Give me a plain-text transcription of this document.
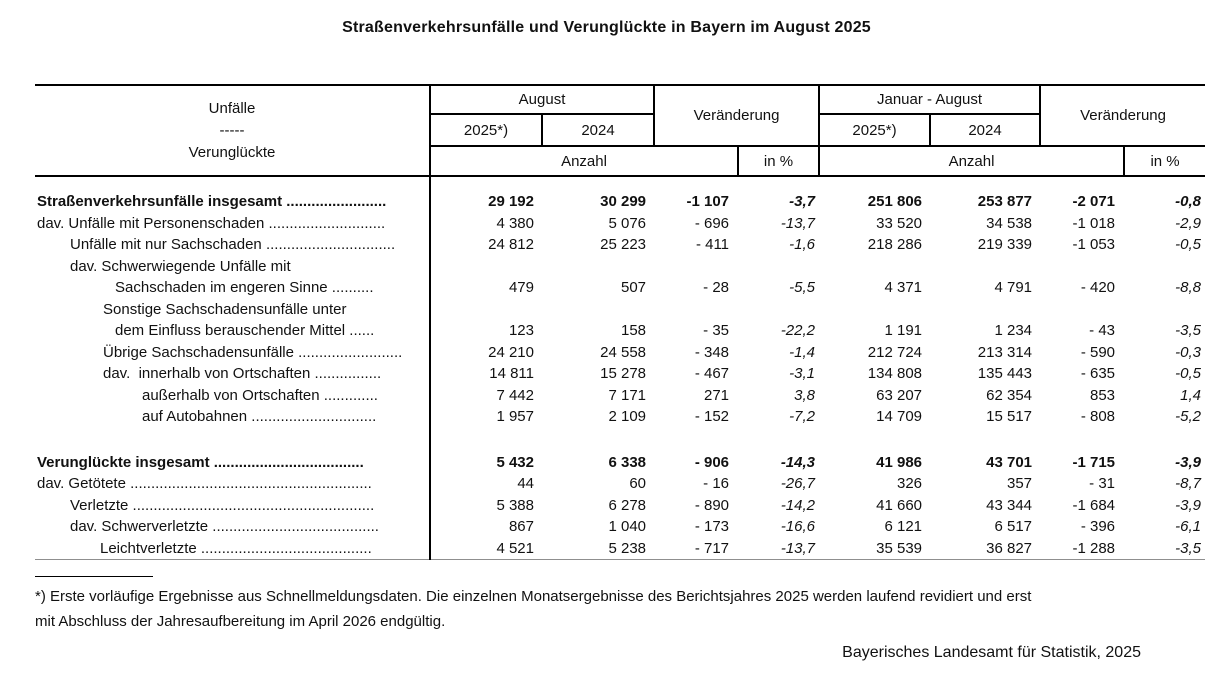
Straßenverkehrsunfälle und Verunglückte in Bayern im August 2025
Unfälle
-----
Verunglückte	August		Veränderung		Januar - August		Veränderung	
	2025*)	2024			2025*)	2024		
	Anzahl			in %	Anzahl			in %

Straßenverkehrsunfälle insgesamt ........................	29 192	30 299	-1 107	-3,7	251 806	253 877	-2 071	-0,8
dav. Unfälle mit Personenschaden ............................	4 380	5 076	- 696	-13,7	33 520	34 538	-1 018	-2,9
Unfälle mit nur Sachschaden ...............................	24 812	25 223	- 411	-1,6	218 286	219 339	-1 053	-0,5
dav. Schwerwiegende Unfälle mit								
Sachschaden im engeren Sinne ..........	479	507	- 28	-5,5	4 371	4 791	- 420	-8,8
Sonstige Sachschadensunfälle unter								
dem Einfluss berauschender Mittel ......	123	158	- 35	-22,2	1 191	1 234	- 43	-3,5
Übrige Sachschadensunfälle .........................	24 210	24 558	- 348	-1,4	212 724	213 314	- 590	-0,3
dav.  innerhalb von Ortschaften ................	14 811	15 278	- 467	-3,1	134 808	135 443	- 635	-0,5
außerhalb von Ortschaften .............	7 442	7 171	271	3,8	63 207	62 354	853	1,4
auf Autobahnen ..............................	1 957	2 109	- 152	-7,2	14 709	15 517	- 808	-5,2

Verunglückte insgesamt ....................................	5 432	6 338	- 906	-14,3	41 986	43 701	-1 715	-3,9
dav. Getötete ..........................................................	44	60	- 16	-26,7	326	357	- 31	-8,7
Verletzte ..........................................................	5 388	6 278	- 890	-14,2	41 660	43 344	-1 684	-3,9
dav. Schwerverletzte ........................................	867	1 040	- 173	-16,6	6 121	6 517	- 396	-6,1
Leichtverletzte .........................................	4 521	5 238	- 717	-13,7	35 539	36 827	-1 288	-3,5
*) Erste vorläufige Ergebnisse aus Schnellmeldungsdaten. Die einzelnen Monatsergebnisse des Berichtsjahres 2025 werden laufend revidiert und erst
mit Abschluss der Jahresaufbereitung im April 2026 endgültig.
Bayerisches Landesamt für Statistik, 2025
